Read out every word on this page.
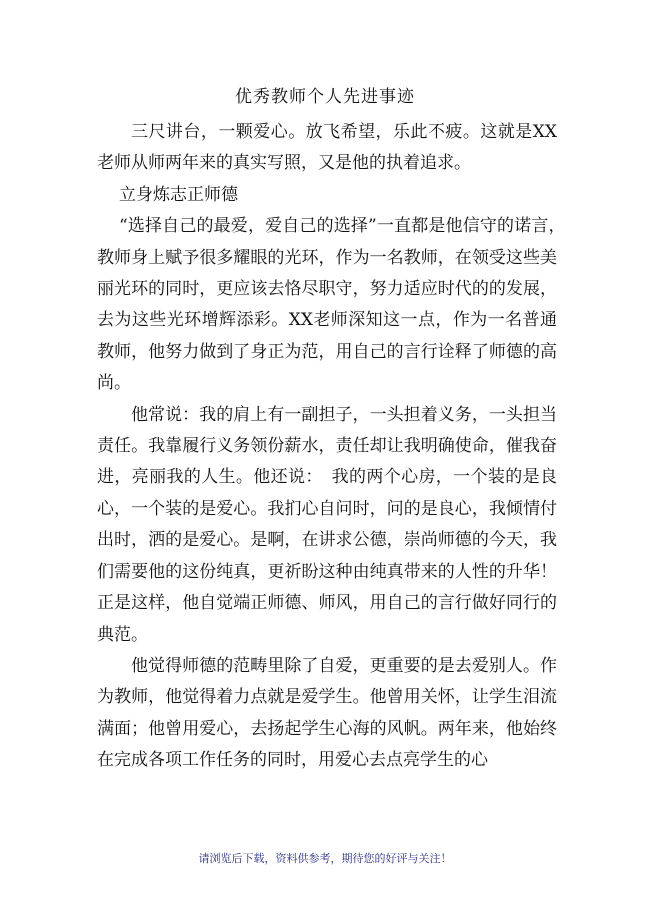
优秀教师个人先进事迹

三尺讲台，一颗爱心。放飞希望，乐此不疲。这就是XX老师从师两年来的真实写照，又是他的执着追求。

立身炼志正师德

“选择自己的最爱，爱自己的选择”一直都是他信守的诺言，　 教师身上赋予很多耀眼的光环，作为一名教师，在领受这些美丽光环的同时，更应该去恪尽职守，努力适应时代的的发展，去为这些光环增辉添彩。XX老师深知这一点，作为一名普通教师，他努力做到了身正为范，用自己的言行诠释了师德的高尚。

他常说：我的肩上有一副担子，一头担着义务，一头担当责任。我靠履行义务领份薪水，责任却让我明确使命，催我奋进，亮丽我的人生。他还说：　我的两个心房，一个装的是良心，一个装的是爱心。我扪心自问时，问的是良心，我倾情付出时，洒的是爱心。是啊，在讲求公德，崇尚师德的今天，我们需要他的这份纯真，更祈盼这种由纯真带来的人性的升华！正是这样，他自觉端正师德、师风，用自己的言行做好同行的典范。

他觉得师德的范畴里除了自爱，更重要的是去爱别人。作为教师，他觉得着力点就是爱学生。他曾用关怀，让学生泪流满面；他曾用爱心，去扬起学生心海的风帆。两年来，他始终在完成各项工作任务的同时，用爱心去点亮学生的心

请浏览后下载，资料供参考，期待您的好评与关注！
